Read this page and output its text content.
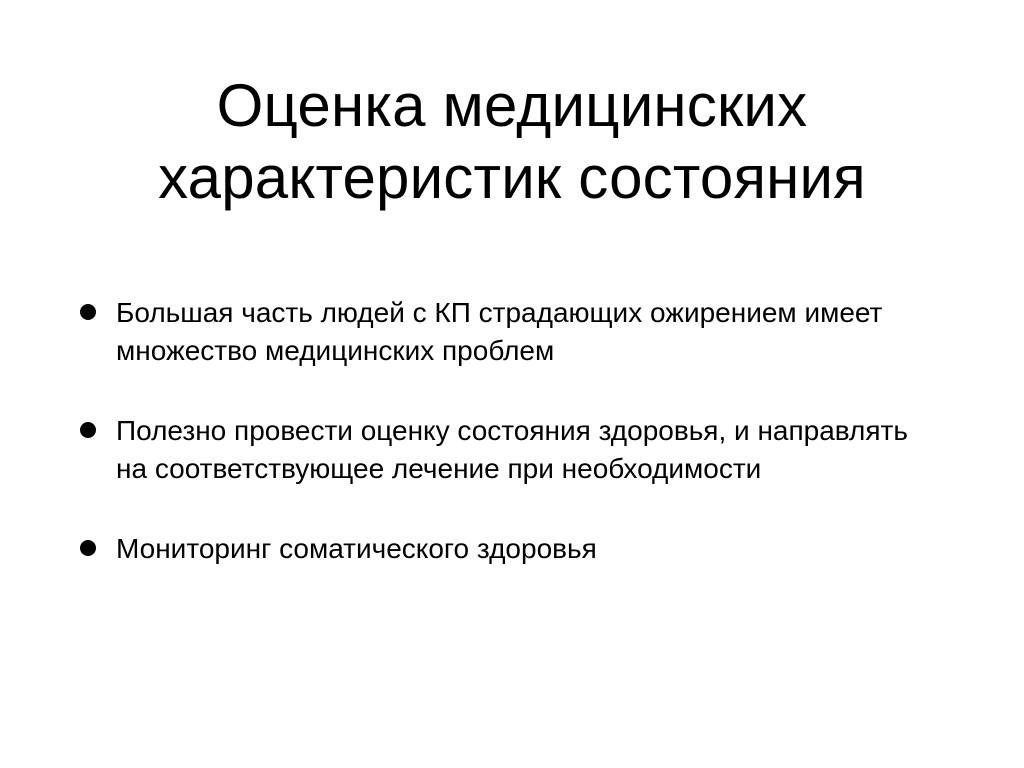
Оценка медицинских
характеристик состояния
Большая часть людей с КП страдающих ожирением имеет множество медицинских проблем
Полезно провести оценку состояния здоровья, и направлять на соответствующее лечение при необходимости
Мониторинг соматического здоровья
